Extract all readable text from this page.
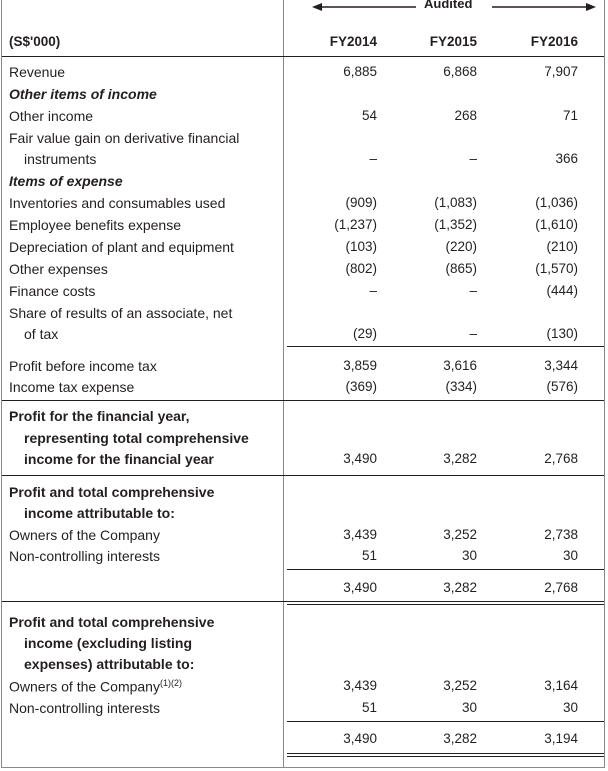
Audited
(S$'000)	FY2014	FY2015	FY2016
Revenue	6,885	6,868	7,907
Other items of income
Other income	54	268	71
Fair value gain on derivative financial
instruments	–	–	366
Items of expense
Inventories and consumables used	(909)	(1,083)	(1,036)
Employee benefits expense	(1,237)	(1,352)	(1,610)
Depreciation of plant and equipment	(103)	(220)	(210)
Other expenses	(802)	(865)	(1,570)
Finance costs	–	–	(444)
Share of results of an associate, net
of tax	(29)	–	(130)
Profit before income tax	3,859	3,616	3,344
Income tax expense	(369)	(334)	(576)
Profit for the financial year,
representing total comprehensive
income for the financial year	3,490	3,282	2,768
Profit and total comprehensive
income attributable to:
Owners of the Company	3,439	3,252	2,738
Non-controlling interests	51	30	30
3,490	3,282	2,768
Profit and total comprehensive
income (excluding listing
expenses) attributable to:
Owners of the Company$^{(1)(2)}$	3,439	3,252	3,164
Non-controlling interests	51	30	30
3,490	3,282	3,194
